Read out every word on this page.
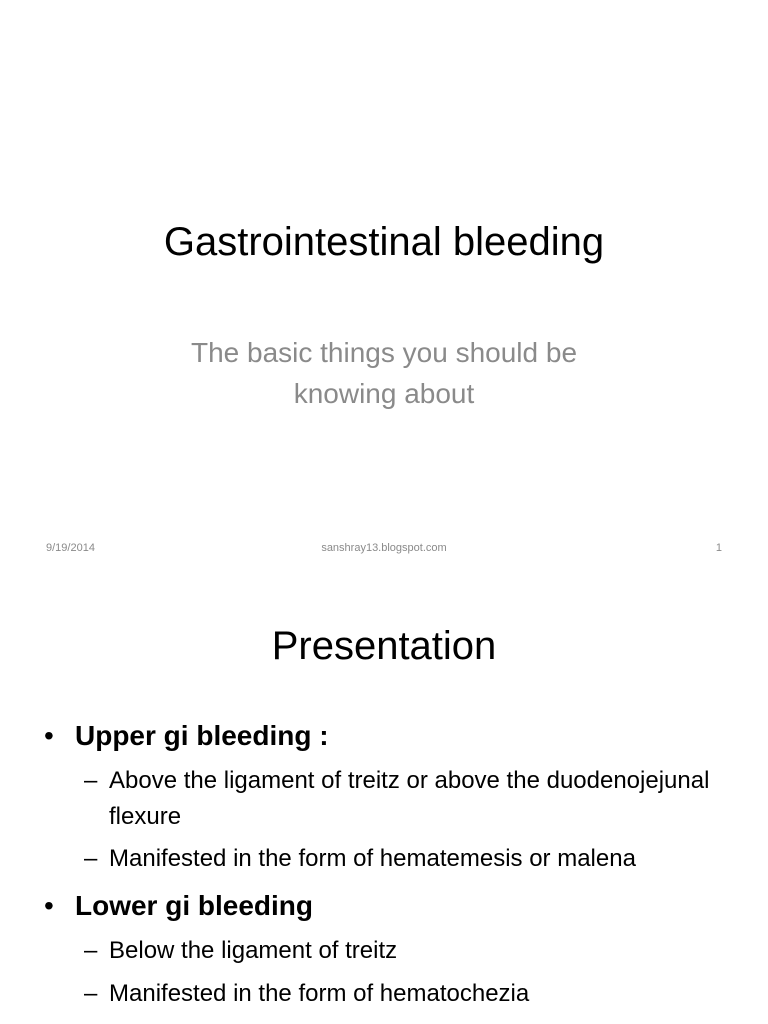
Gastrointestinal bleeding
The basic things you should be
knowing about
9/19/2014	sanshray13.blogspot.com	1
Presentation
• Upper gi bleeding :
– Above the ligament of treitz or above the duodenojejunal flexure
– Manifested in the form of hematemesis or malena
• Lower gi bleeding
– Below the ligament of treitz
– Manifested in the form of hematochezia
